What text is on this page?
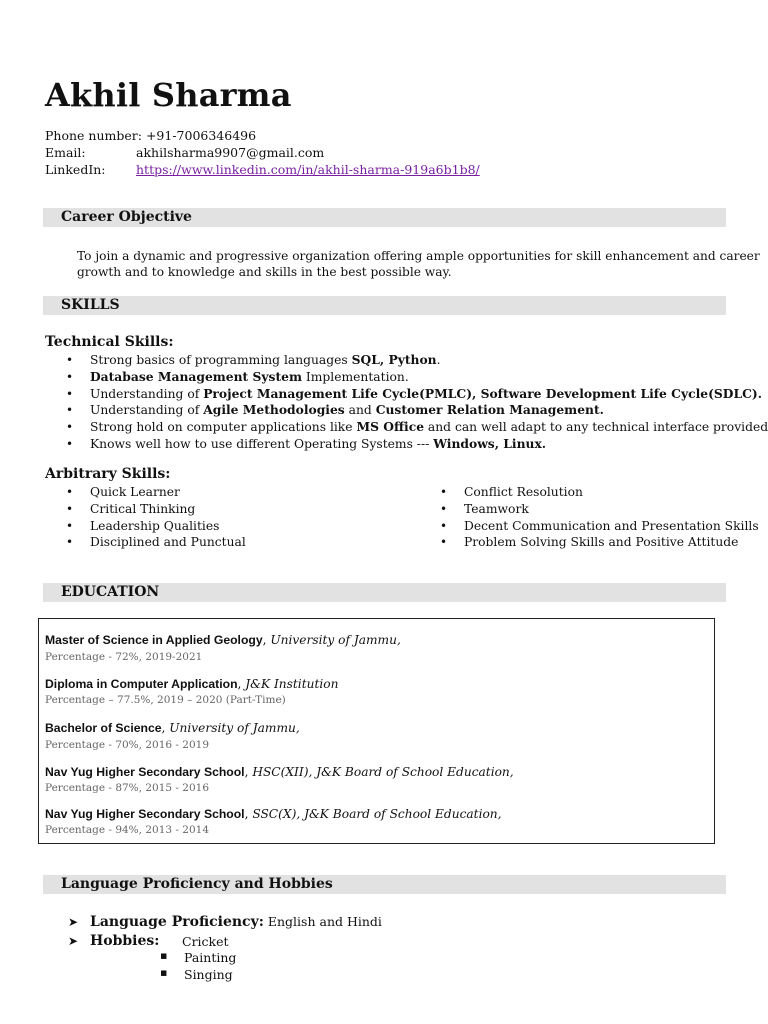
Akhil Sharma
Phone number: +91-7006346496
Email:	akhilsharma9907@gmail.com
LinkedIn: https://www.linkedin.com/in/akhil-sharma-919a6b1b8/
Career Objective
To join a dynamic and progressive organization offering ample opportunities for skill enhancement and career
growth and to knowledge and skills in the best possible way.
SKILLS
Technical Skills:
• Strong basics of programming languages SQL, Python.
• Database Management System Implementation.
• Understanding of Project Management Life Cycle(PMLC), Software Development Life Cycle(SDLC).
• Understanding of Agile Methodologies and Customer Relation Management.
• Strong hold on computer applications like MS Office and can well adapt to any technical interface provided
• Knows well how to use different Operating Systems --- Windows, Linux.
Arbitrary Skills:
• Quick Learner
• Critical Thinking
• Leadership Qualities
• Disciplined and Punctual
• Conflict Resolution
• Teamwork
• Decent Communication and Presentation Skills
• Problem Solving Skills and Positive Attitude
EDUCATION
Master of Science in Applied Geology, University of Jammu,
Percentage - 72%, 2019-2021
Diploma in Computer Application, J&K Institution
Percentage – 77.5%, 2019 – 2020 (Part-Time)
Bachelor of Science, University of Jammu,
Percentage - 70%, 2016 - 2019
Nav Yug Higher Secondary School, HSC(XII), J&K Board of School Education,
Percentage - 87%, 2015 - 2016
Nav Yug Higher Secondary School, SSC(X), J&K Board of School Education,
Percentage - 94%, 2013 - 2014
Language Proficiency and Hobbies
➤ Language Proficiency: English and Hindi
➤ Hobbies: Cricket
▪ Painting
▪ Singing
